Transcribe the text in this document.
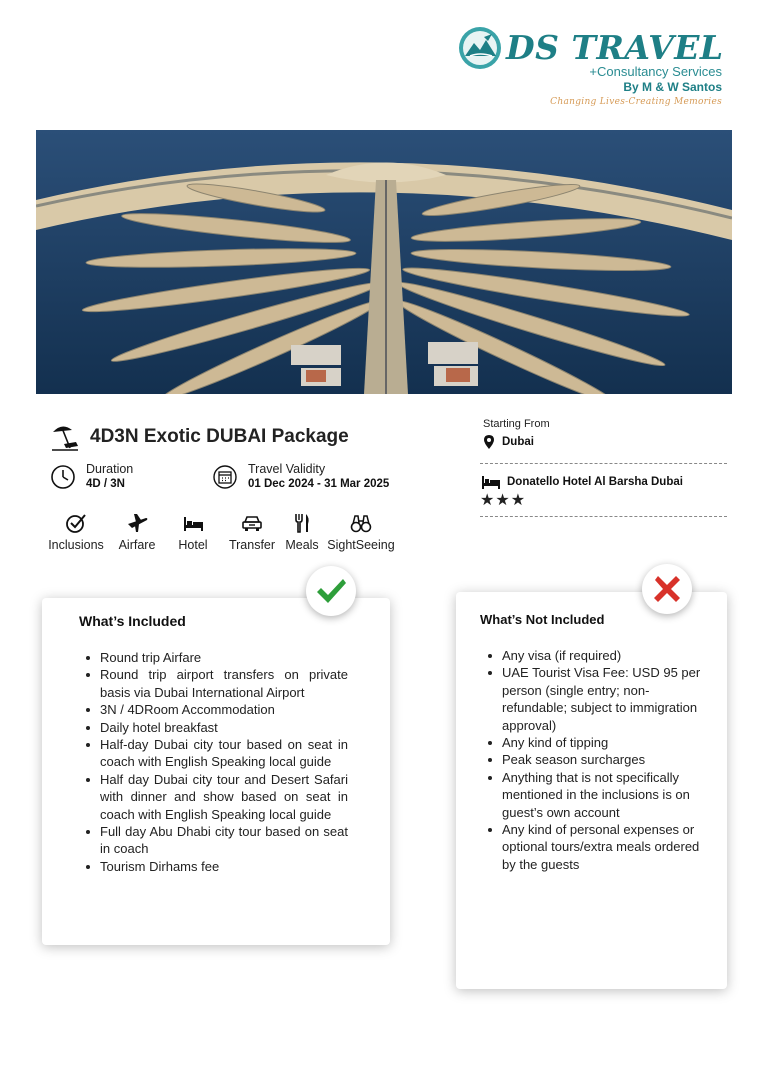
DS TRAVEL
+Consultancy Services
By M & W Santos
Changing Lives-Creating Memories
4D3N Exotic DUBAI Package
Duration
4D / 3N
Travel Validity
01 Dec 2024 - 31 Mar 2025
Inclusions Airfare Hotel Transfer Meals SightSeeing
Starting From
Dubai
Donatello Hotel Al Barsha Dubai
★★★
What’s Included
Round trip Airfare
Round trip airport transfers on private basis via Dubai International Airport
3N / 4DRoom Accommodation
Daily hotel breakfast
Half-day Dubai city tour based on seat in coach with English Speaking local guide
Half day Dubai city tour and Desert Safari with dinner and show based on seat in coach with English Speaking local guide
Full day Abu Dhabi city tour based on seat in coach
Tourism Dirhams fee
What’s Not Included
Any visa (if required)
UAE Tourist Visa Fee: USD 95 per person (single entry; non-refundable; subject to immigration approval)
Any kind of tipping
Peak season surcharges
Anything that is not specifically mentioned in the inclusions is on guest’s own account
Any kind of personal expenses or optional tours/extra meals ordered by the guests
